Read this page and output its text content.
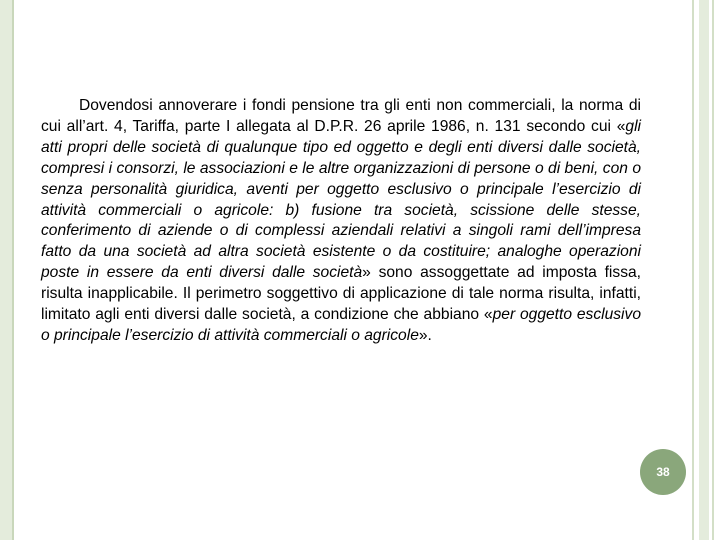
Dovendosi annoverare i fondi pensione tra gli enti non commerciali, la norma di cui all’art. 4, Tariffa, parte I allegata al D.P.R. 26 aprile 1986, n. 131 secondo cui «gli atti propri delle società di qualunque tipo ed oggetto e degli enti diversi dalle società, compresi i consorzi, le associazioni e le altre organizzazioni di persone o di beni, con o senza personalità giuridica, aventi per oggetto esclusivo o principale l’esercizio di attività commerciali o agricole: b) fusione tra società, scissione delle stesse, conferimento di aziende o di complessi aziendali relativi a singoli rami dell’impresa fatto da una società ad altra società esistente o da costituire; analoghe operazioni poste in essere da enti diversi dalle società» sono assoggettate ad imposta fissa, risulta inapplicabile. Il perimetro soggettivo di applicazione di tale norma risulta, infatti, limitato agli enti diversi dalle società, a condizione che abbiano «per oggetto esclusivo o principale l’esercizio di attività commerciali o agricole».

38
